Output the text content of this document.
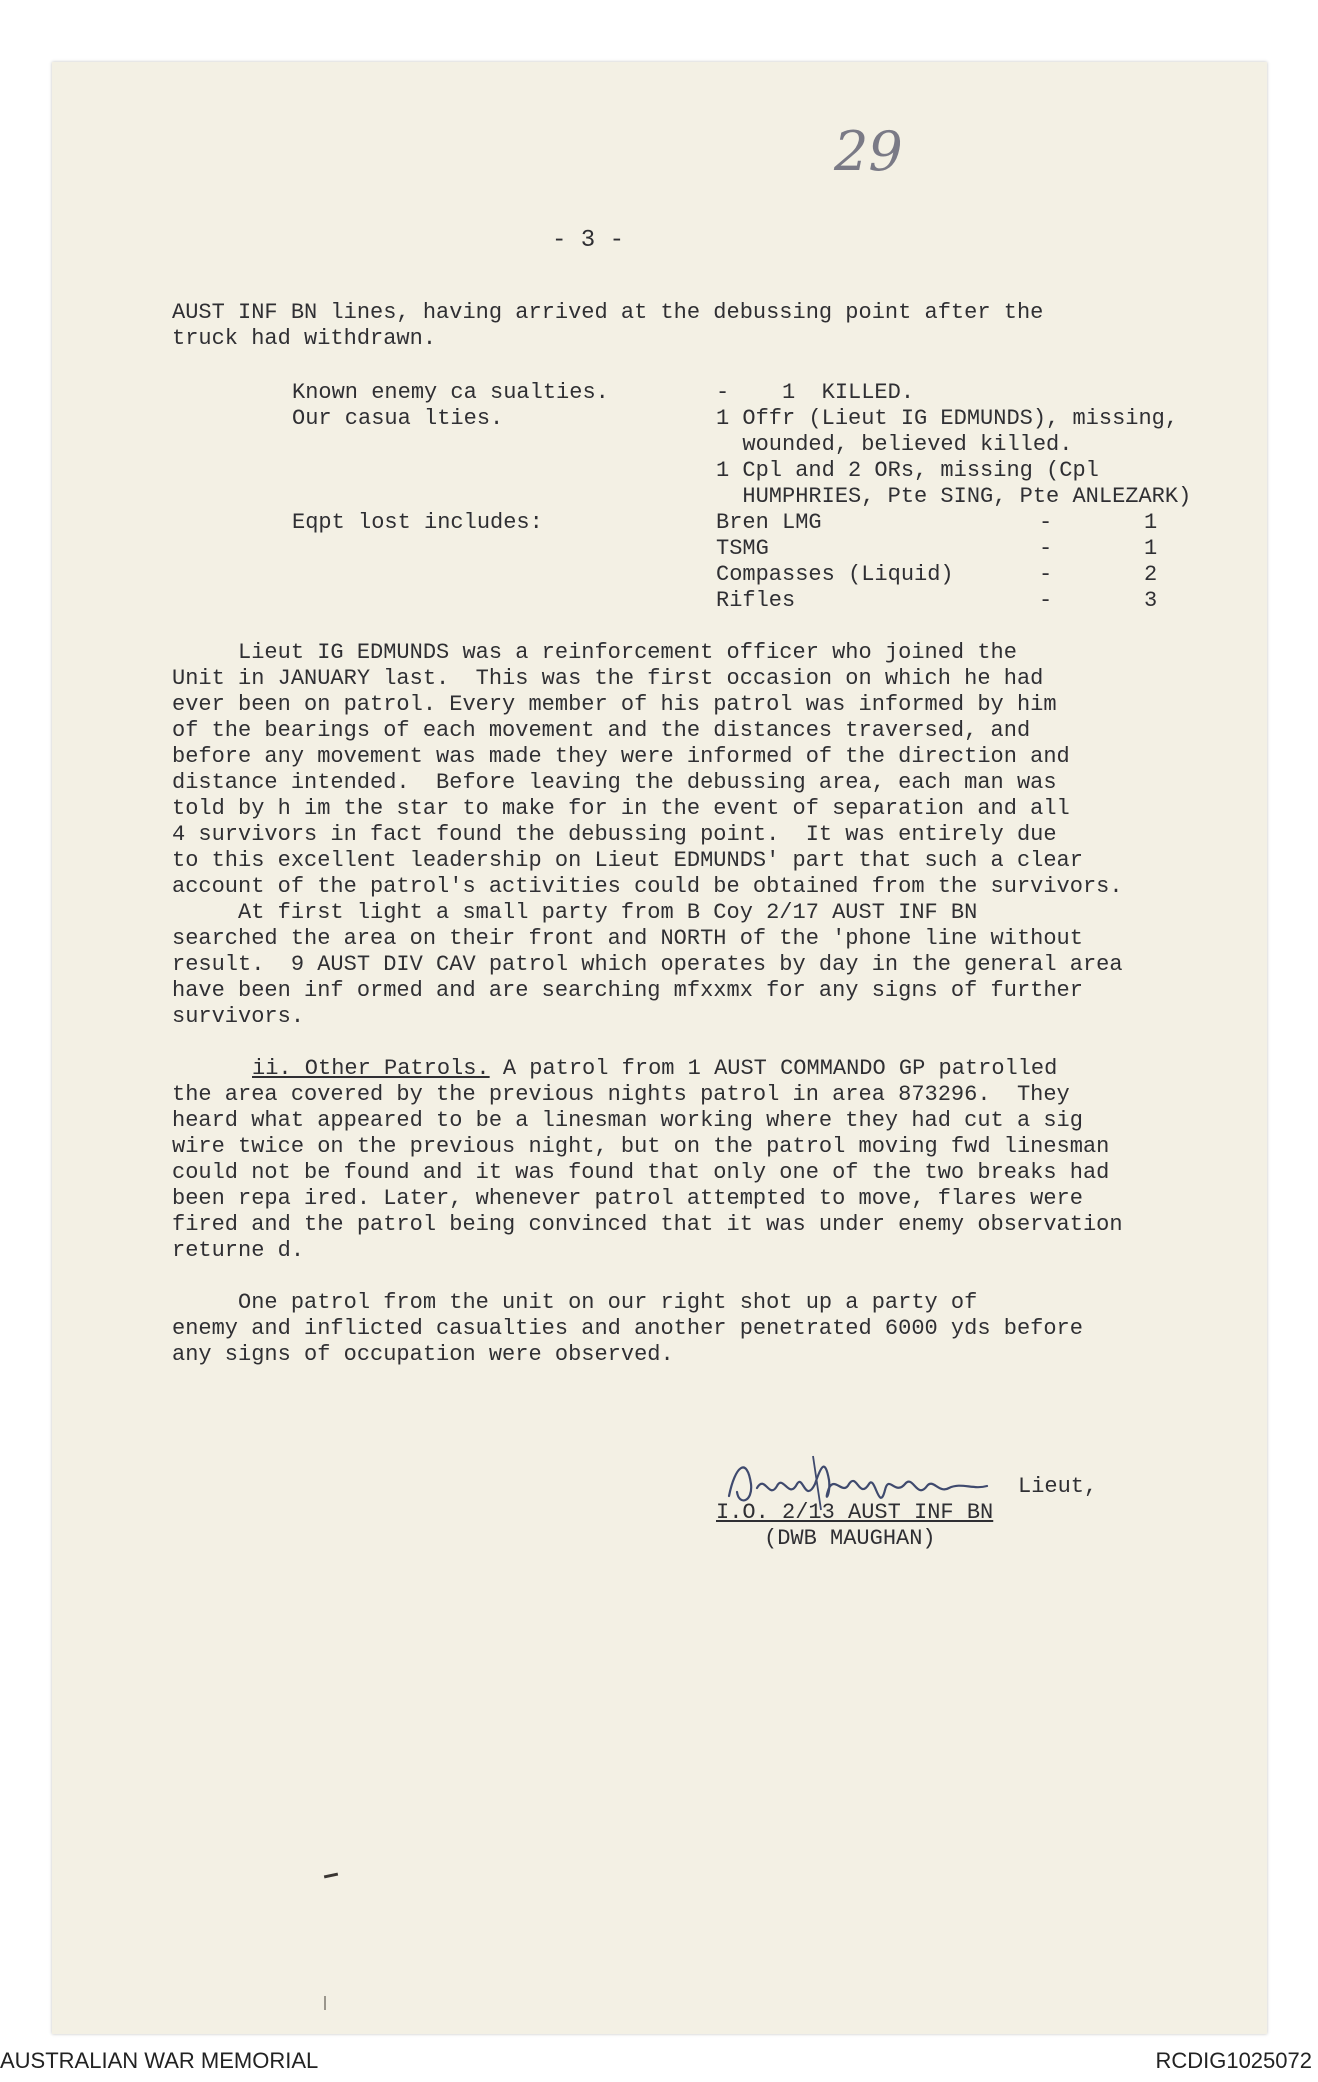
29
- 3 -
AUST INF BN lines, having arrived at the debussing point after the
truck had withdrawn.
Known enemy ca sualties.	-    1  KILLED.
Our casua lties.	1 Offr (Lieut IG EDMUNDS), missing,
wounded, believed killed.
1 Cpl and 2 ORs, missing (Cpl
HUMPHRIES, Pte SING, Pte ANLEZARK)
Eqpt lost includes:	Bren LMG	-	1
TSMG	-	1
Compasses (Liquid)	-	2
Rifles	-	3
Lieut IG EDMUNDS was a reinforcement officer who joined the
Unit in JANUARY last.  This was the first occasion on which he had
ever been on patrol. Every member of his patrol was informed by him
of the bearings of each movement and the distances traversed, and
before any movement was made they were informed of the direction and
distance intended.  Before leaving the debussing area, each man was
told by h im the star to make for in the event of separation and all
4 survivors in fact found the debussing point.  It was entirely due
to this excellent leadership on Lieut EDMUNDS' part that such a clear
account of the patrol's activities could be obtained from the survivors.
At first light a small party from B Coy 2/17 AUST INF BN
searched the area on their front and NORTH of the 'phone line without
result.  9 AUST DIV CAV patrol which operates by day in the general area
have been inf ormed and are searching mfxxmx for any signs of further
survivors.
ii. Other Patrols. A patrol from 1 AUST COMMANDO GP patrolled
the area covered by the previous nights patrol in area 873296.  They
heard what appeared to be a linesman working where they had cut a sig
wire twice on the previous night, but on the patrol moving fwd linesman
could not be found and it was found that only one of the two breaks had
been repa ired. Later, whenever patrol attempted to move, flares were
fired and the patrol being convinced that it was under enemy observation
returne d.
One patrol from the unit on our right shot up a party of
enemy and inflicted casualties and another penetrated 6000 yds before
any signs of occupation were observed.
Lieut,
I.O. 2/13 AUST INF BN
(DWB MAUGHAN)
AUSTRALIAN WAR MEMORIAL	RCDIG1025072
